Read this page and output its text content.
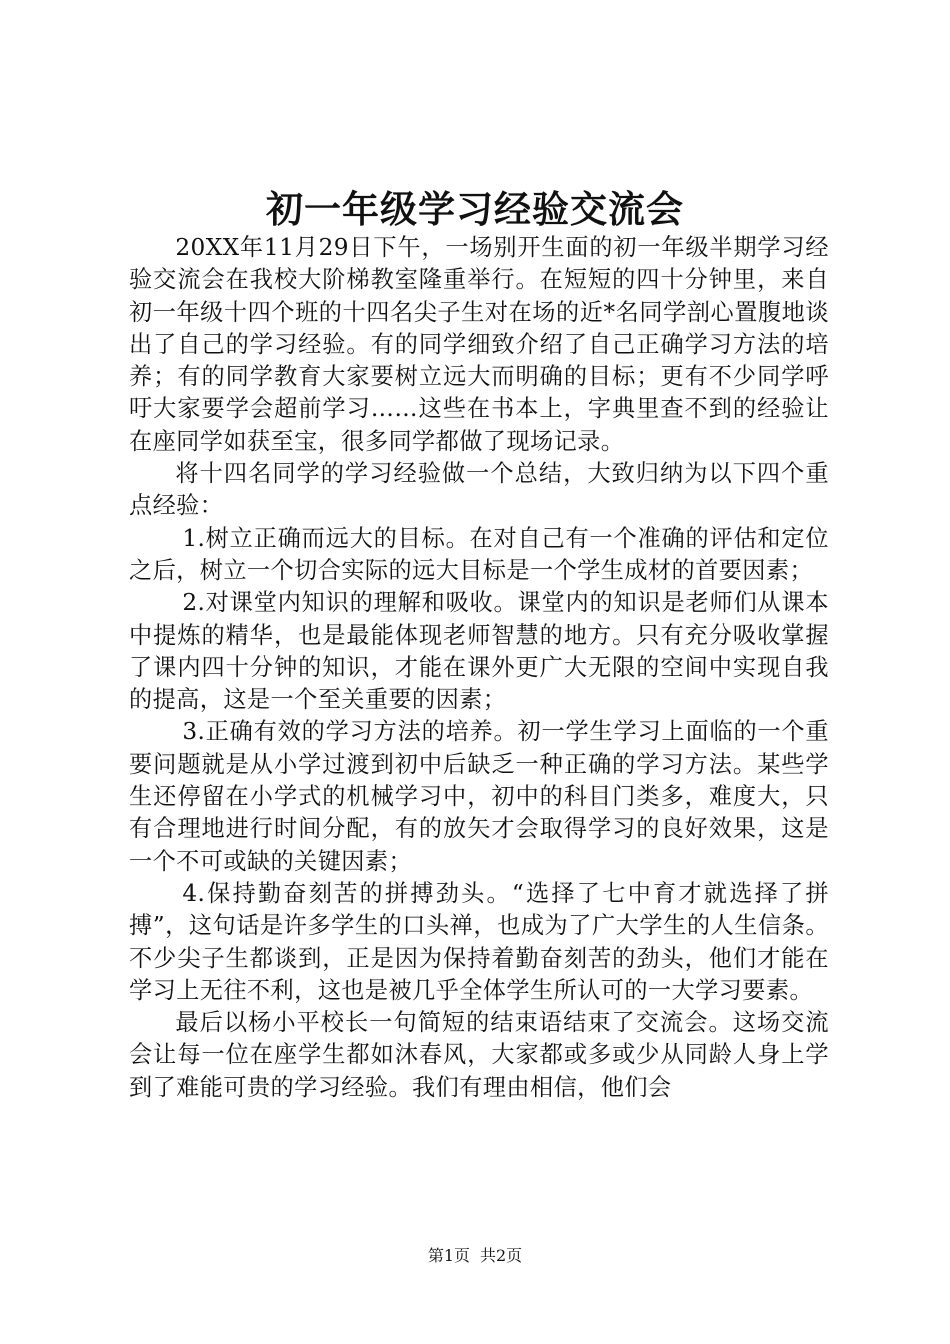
初一年级学习经验交流会

20XX年11月29日下午，一场别开生面的初一年级半期学习经验交流会在我校大阶梯教室隆重举行。在短短的四十分钟里，来自初一年级十四个班的十四名尖子生对在场的近*名同学剖心置腹地谈出了自己的学习经验。有的同学细致介绍了自己正确学习方法的培养；有的同学教育大家要树立远大而明确的目标；更有不少同学呼吁大家要学会超前学习……这些在书本上，字典里查不到的经验让在座同学如获至宝，很多同学都做了现场记录。

将十四名同学的学习经验做一个总结，大致归纳为以下四个重点经验：

1.树立正确而远大的目标。在对自己有一个准确的评估和定位之后，树立一个切合实际的远大目标是一个学生成材的首要因素；

2.对课堂内知识的理解和吸收。课堂内的知识是老师们从课本中提炼的精华，也是最能体现老师智慧的地方。只有充分吸收掌握了课内四十分钟的知识，才能在课外更广大无限的空间中实现自我的提高，这是一个至关重要的因素；

3.正确有效的学习方法的培养。初一学生学习上面临的一个重要问题就是从小学过渡到初中后缺乏一种正确的学习方法。某些学生还停留在小学式的机械学习中，初中的科目门类多，难度大，只有合理地进行时间分配，有的放矢才会取得学习的良好效果，这是一个不可或缺的关键因素；

4.保持勤奋刻苦的拼搏劲头。“选择了七中育才就选择了拼搏”，这句话是许多学生的口头禅，也成为了广大学生的人生信条。不少尖子生都谈到，正是因为保持着勤奋刻苦的劲头，他们才能在学习上无往不利，这也是被几乎全体学生所认可的一大学习要素。

最后以杨小平校长一句简短的结束语结束了交流会。这场交流会让每一位在座学生都如沐春风，大家都或多或少从同龄人身上学到了难能可贵的学习经验。我们有理由相信，他们会

第1页 共2页
